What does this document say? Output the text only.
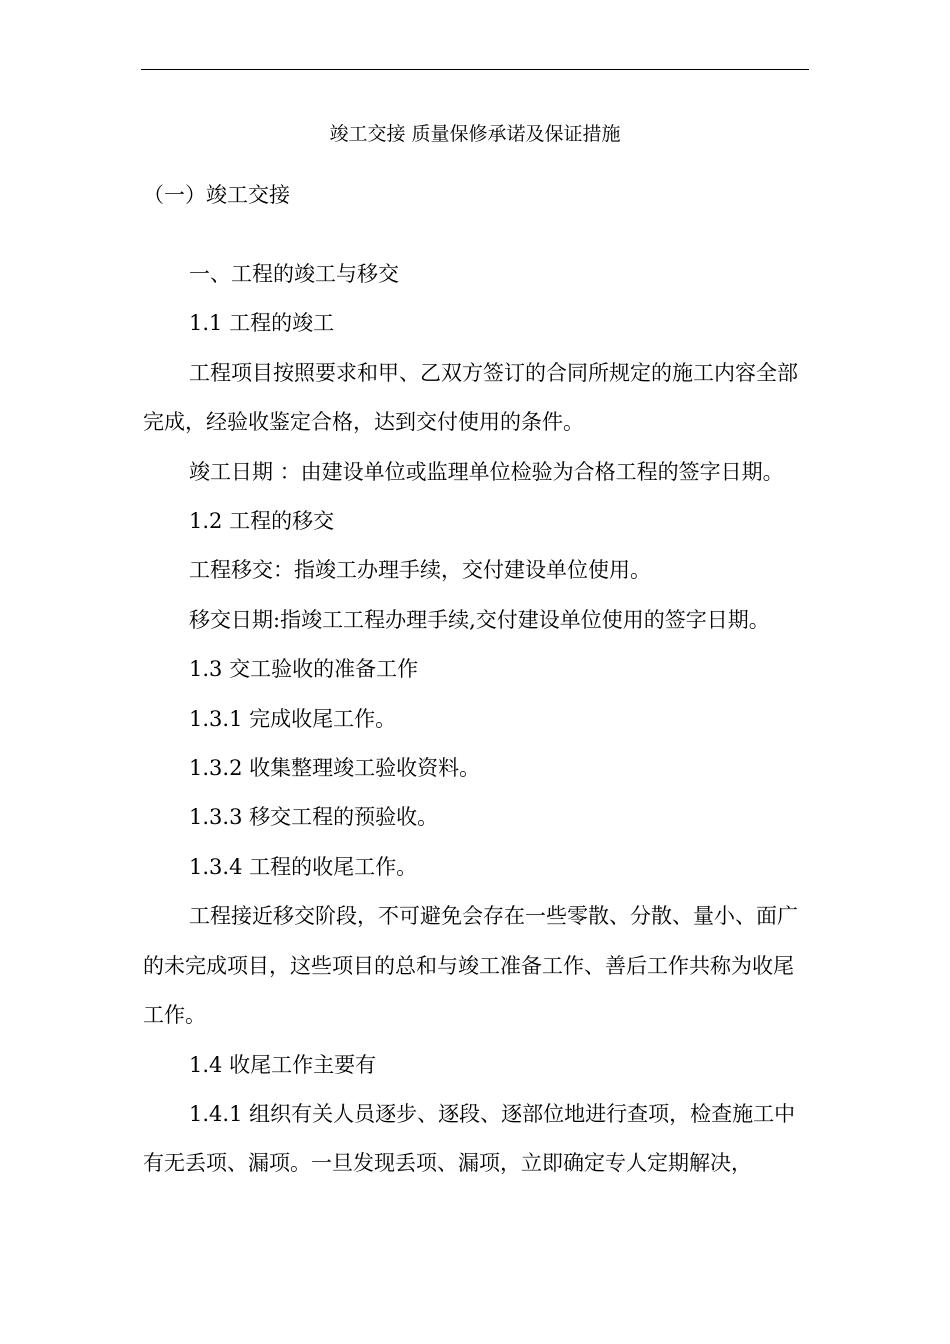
竣工交接 质量保修承诺及保证措施
（一）竣工交接

一、工程的竣工与移交

1.1 工程的竣工

工程项目按照要求和甲、乙双方签订的合同所规定的施工内容全部完成，经验收鉴定合格，达到交付使用的条件。

竣工日期 ：由建设单位或监理单位检验为合格工程的签字日期。

1.2 工程的移交

工程移交：指竣工办理手续，交付建设单位使用。

移交日期:指竣工工程办理手续,交付建设单位使用的签字日期。

1.3 交工验收的准备工作

1.3.1 完成收尾工作。

1.3.2 收集整理竣工验收资料。

1.3.3 移交工程的预验收。

1.3.4 工程的收尾工作。

工程接近移交阶段，不可避免会存在一些零散、分散、量小、面广的未完成项目，这些项目的总和与竣工准备工作、善后工作共称为收尾工作。

1.4 收尾工作主要有

1.4.1 组织有关人员逐步、逐段、逐部位地进行查项，检查施工中有无丢项、漏项。一旦发现丢项、漏项，立即确定专人定期解决，
